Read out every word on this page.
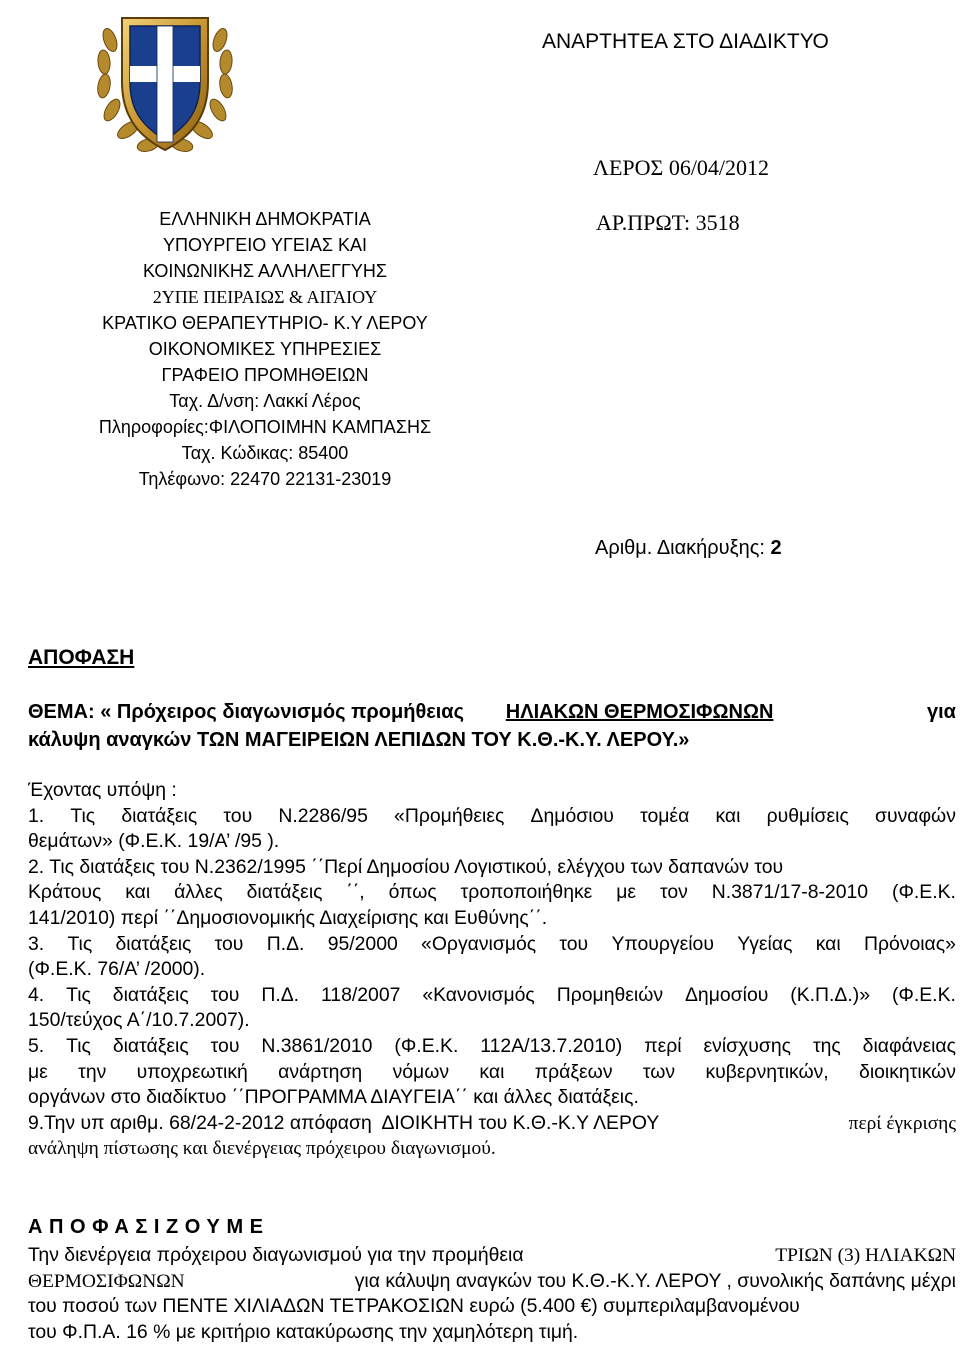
ΑΝΑΡΤΗΤΕΑ ΣΤΟ ΔΙΑΔΙΚΤΥΟ
ΛΕΡΟΣ 06/04/2012
ΑΡ.ΠΡΩΤ: 3518
ΕΛΛΗΝΙΚΗ ΔΗΜΟΚΡΑΤΙΑ
ΥΠΟΥΡΓΕΙΟ ΥΓΕΙΑΣ ΚΑΙ
ΚΟΙΝΩΝΙΚΗΣ ΑΛΛΗΛΕΓΓΥΗΣ
2ΥΠΕ ΠΕΙΡΑΙΩΣ & ΑΙΓΑΙΟΥ
ΚΡΑΤΙΚΟ ΘΕΡΑΠΕΥΤΗΡΙΟ- Κ.Υ ΛΕΡΟΥ
ΟΙΚΟΝΟΜΙΚΕΣ ΥΠΗΡΕΣΙΕΣ
ΓΡΑΦΕΙΟ ΠΡΟΜΗΘΕΙΩΝ
Ταχ. Δ/νση: Λακκί Λέρος
Πληροφορίες:ΦΙΛΟΠΟΙΜΗΝ ΚΑΜΠΑΣΗΣ
Ταχ. Κώδικας: 85400
Τηλέφωνο: 22470 22131-23019
Αριθμ. Διακήρυξης: 2
ΑΠΟΦΑΣΗ
ΘΕΜΑ: « Πρόχειρος διαγωνισμός προμήθειας ΗΛΙΑΚΩΝ ΘΕΡΜΟΣΙΦΩΝΩΝ	για
κάλυψη αναγκών ΤΩΝ ΜΑΓΕΙΡΕΙΩΝ ΛΕΠΙΔΩΝ ΤΟΥ Κ.Θ.-Κ.Υ. ΛΕΡΟΥ.»
Έχοντας υπόψη :
1. Τις διατάξεις του Ν.2286/95 «Προμήθειες Δημόσιου τομέα και ρυθμίσεις συναφών
θεμάτων» (Φ.Ε.Κ. 19/Α’ /95 ).
2. Τις διατάξεις του Ν.2362/1995 ΄΄Περί Δημοσίου Λογιστικού, ελέγχου των δαπανών του
Κράτους και άλλες διατάξεις ΄΄, όπως τροποποιήθηκε με τον Ν.3871/17-8-2010 (Φ.Ε.Κ.
141/2010) περί ΄΄Δημοσιονομικής Διαχείρισης και Ευθύνης΄΄.
3. Τις διατάξεις του Π.Δ. 95/2000 «Οργανισμός του Υπουργείου Υγείας και Πρόνοιας»
(Φ.Ε.Κ. 76/Α’ /2000).
4. Τις διατάξεις του Π.Δ. 118/2007 «Κανονισμός Προμηθειών Δημοσίου (Κ.Π.Δ.)» (Φ.Ε.Κ.
150/τεύχος Α΄/10.7.2007).
5. Τις διατάξεις του Ν.3861/2010 (Φ.Ε.Κ. 112Α/13.7.2010) περί ενίσχυσης της διαφάνειας
με την υποχρεωτική ανάρτηση νόμων και πράξεων των κυβερνητικών, διοικητικών
οργάνων στο διαδίκτυο ΄΄ΠΡΟΓΡΑΜΜΑ ΔΙΑΥΓΕΙΑ΄΄ και άλλες διατάξεις.
9.Την υπ αριθμ. 68/24-2-2012 απόφαση  ΔΙΟΙΚΗΤΗ του Κ.Θ.-Κ.Υ ΛΕΡΟΥ	περί έγκρισης
ανάληψη πίστωσης και διενέργειας πρόχειρου διαγωνισμού.
Α Π Ο Φ Α Σ Ι Ζ Ο Υ Μ Ε
Την διενέργεια πρόχειρου διαγωνισμού για την προμήθεια	ΤΡΙΩΝ (3) ΗΛΙΑΚΩΝ
ΘΕΡΜΟΣΙΦΩΝΩΝ	για κάλυψη αναγκών του Κ.Θ.-Κ.Υ. ΛΕΡΟΥ , συνολικής δαπάνης μέχρι
του ποσού των ΠΕΝΤΕ ΧΙΛΙΑΔΩΝ ΤΕΤΡΑΚΟΣΙΩΝ ευρώ (5.400 €) συμπεριλαμβανομένου
του Φ.Π.Α. 16 % με κριτήριο κατακύρωσης την χαμηλότερη τιμή.
